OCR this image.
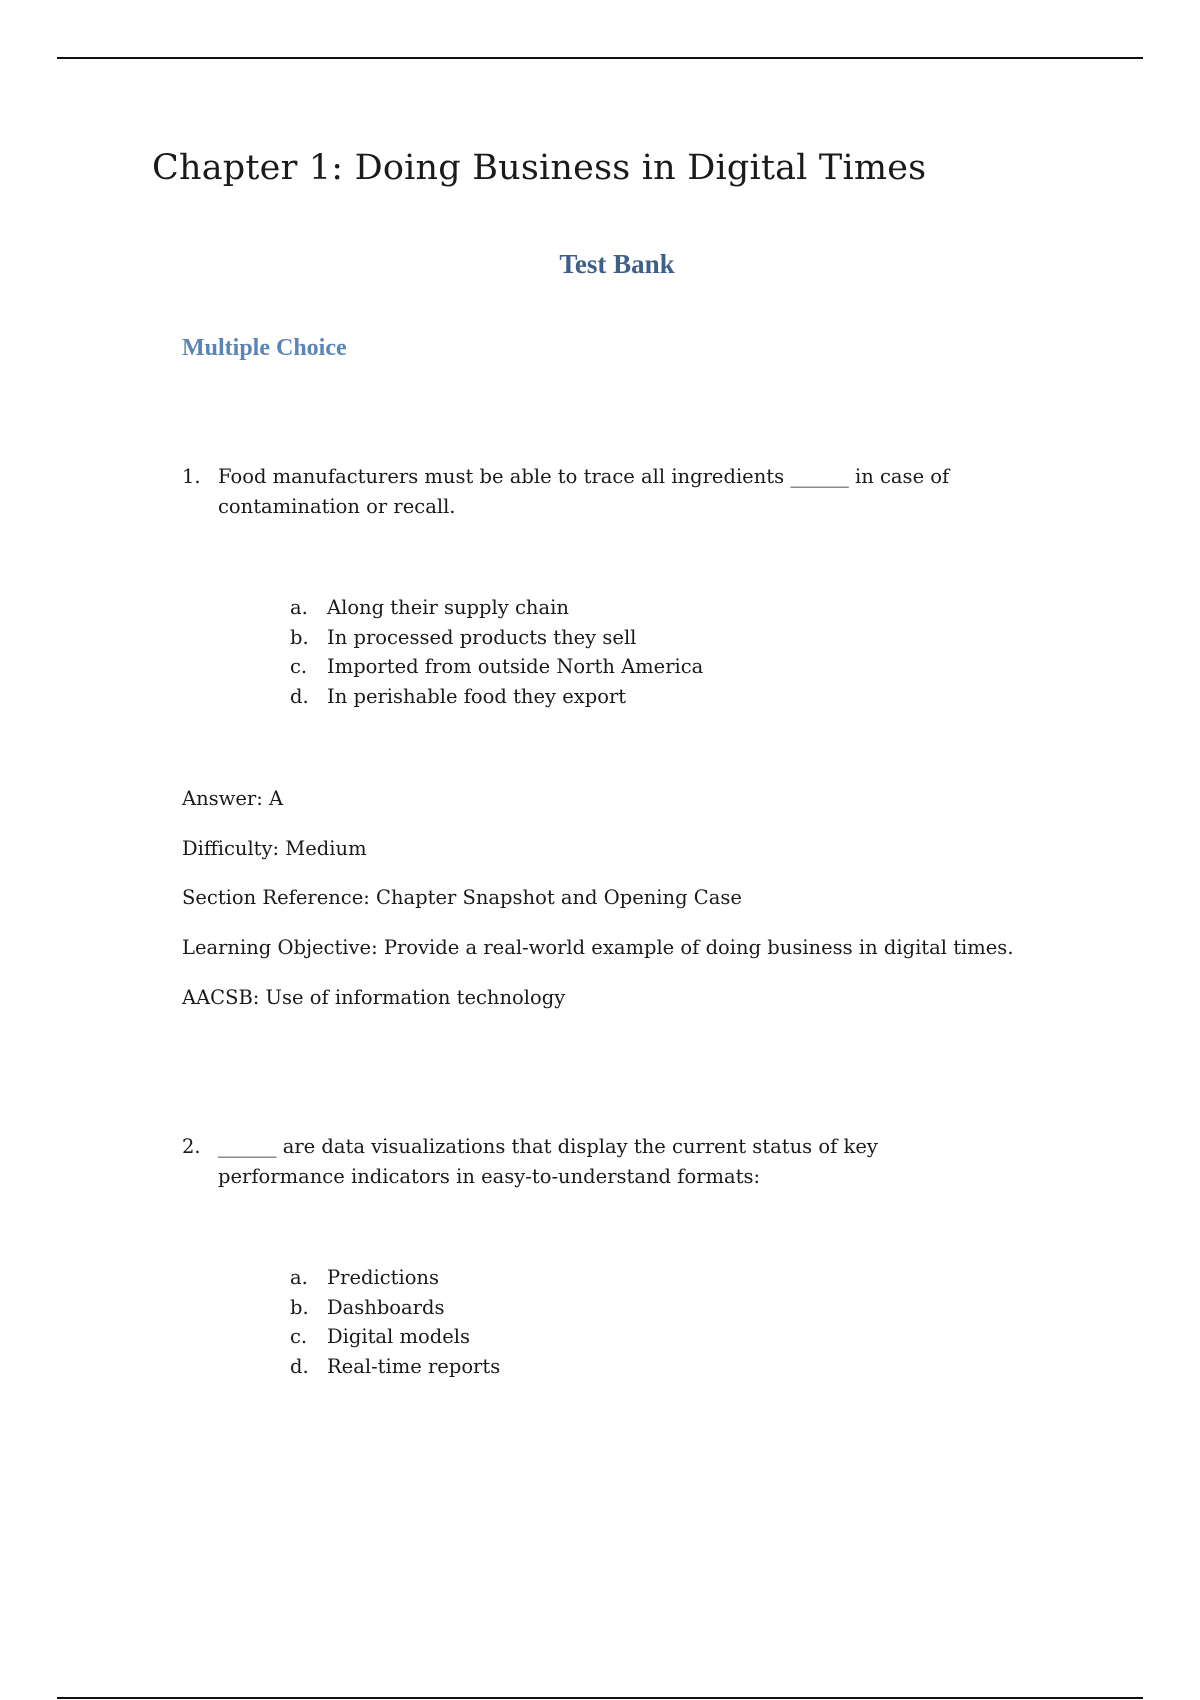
Chapter 1: Doing Business in Digital Times
Test Bank
Multiple Choice
1. Food manufacturers must be able to trace all ingredients ______ in case of contamination or recall.
a. Along their supply chain
b. In processed products they sell
c.	Imported from outside North America
d. In perishable food they export
Answer: A
Difficulty: Medium
Section Reference: Chapter Snapshot and Opening Case
Learning Objective: Provide a real-world example of doing business in digital times.
AACSB: Use of information technology
2. ______ are data visualizations that display the current status of key performance indicators in easy-to-understand formats:
a. Predictions
b. Dashboards
c.	Digital models
d. Real-time reports
